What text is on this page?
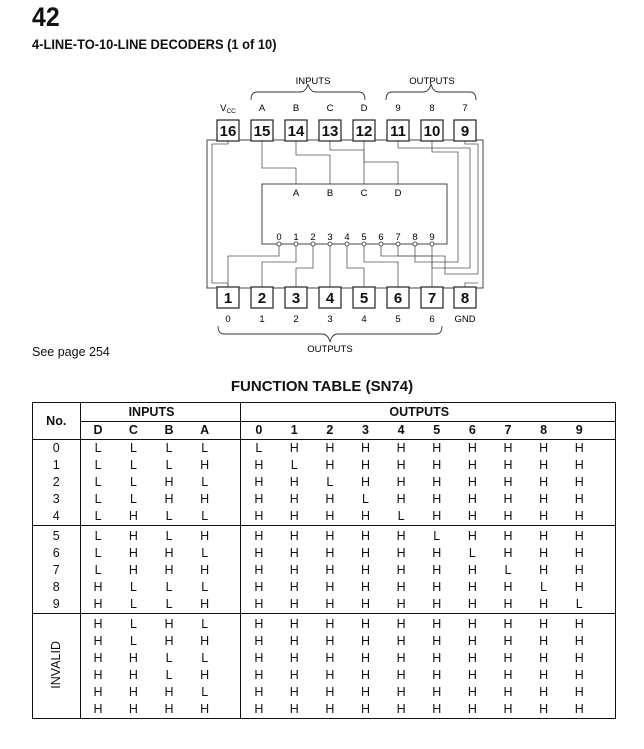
42
4-LINE-TO-10-LINE DECODERS (1 of 10)
16 15 14 13 12 11 10 9
1 2 3 4 5 6 7 8
INPUTS	OUTPUTS
OUTPUTS
$V_{CC}$ A	B	C	D	9	8	7
0	1	2	3	4	5	6 GND
A	B	C	D
0 1 2 3 4 5 6 7 8 9
See page 254
FUNCTION TABLE (SN74)
No.	INPUTS					OUTPUTS										
	D	C	B	A		0	1	2	3	4	5	6	7	8	9	
0	L	L	L	L		L	H	H	H	H	H	H	H	H	H	
1	L	L	L	H		H	L	H	H	H	H	H	H	H	H	
2	L	L	H	L		H	H	L	H	H	H	H	H	H	H	
3	L	L	H	H		H	H	H	L	H	H	H	H	H	H	
4	L	H	L	L		H	H	H	H	L	H	H	H	H	H	
5	L	H	L	H		H	H	H	H	H	L	H	H	H	H	
6	L	H	H	L		H	H	H	H	H	H	L	H	H	H	
7	L	H	H	H		H	H	H	H	H	H	H	L	H	H	
8	H	L	L	L		H	H	H	H	H	H	H	H	L	H	
9	H	L	L	H		H	H	H	H	H	H	H	H	H	L	
INVALID	H	L	H	L		H	H	H	H	H	H	H	H	H	H	
	H	L	H	H		H	H	H	H	H	H	H	H	H	H	
	H	H	L	L		H	H	H	H	H	H	H	H	H	H	
	H	H	L	H		H	H	H	H	H	H	H	H	H	H	
	H	H	H	L		H	H	H	H	H	H	H	H	H	H	
	H	H	H	H		H	H	H	H	H	H	H	H	H	H	
